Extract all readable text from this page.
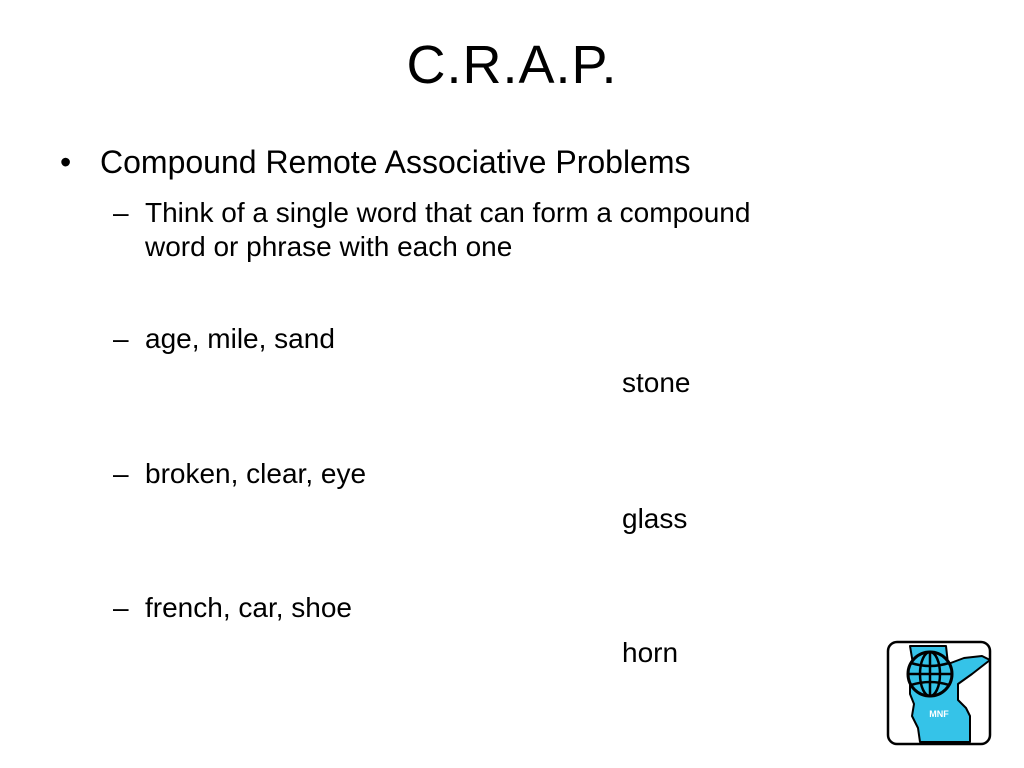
C.R.A.P.
• Compound Remote Associative Problems
– Think of a single word that can form a compound
word or phrase with each one
– age, mile, sand
stone
– broken, clear, eye
glass
– french, car, shoe
horn
MNF
